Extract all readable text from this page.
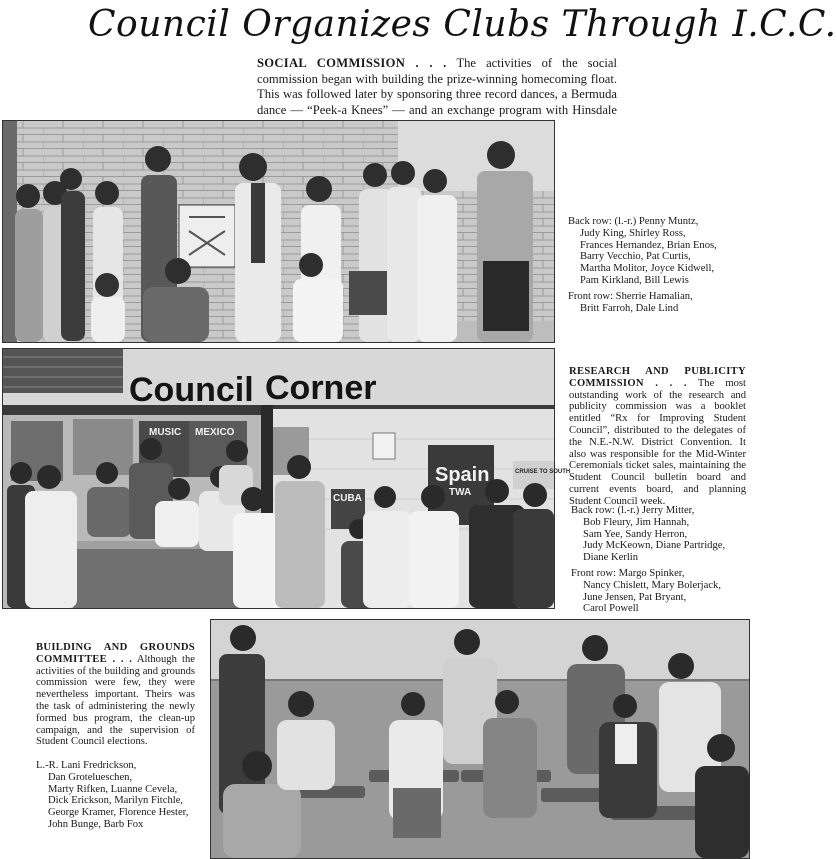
Council Organizes Clubs Through I.C.C.
SOCIAL COMMISSION . . . The activities of the social commission began with building the prize-winning homecoming float. This was followed later by sponsoring three record dances, a Bermuda dance — “Peek-a Knees” — and an exchange program with Hinsdale

Back row: (l.-r.) Penny Muntz,
Judy King, Shirley Ross,
Frances Hernandez, Brian Enos,
Barry Vecchio, Pat Curtis,
Martha Molitor, Joyce Kidwell,
Pam Kirkland, Bill Lewis

Front row: Sherrie Hamalian,
Britt Farroh, Dale Lind

Council Corner
MUSIC MEXICO
Spain
TWA
CUBA
CRUISE TO SOUTH

RESEARCH AND PUBLICITY COMMISSION . . . The most outstanding work of the research and publicity commission was a booklet entitled “Rx for Improving Student Council”, distributed to the delegates of the N.E.-N.W. District Convention. It also was responsible for the Mid-Winter Ceremonials ticket sales, maintaining the Student Council bulletin board and current events board, and planning Student Council week.

Back row: (l.-r.) Jerry Mitter,
Bob Fleury, Jim Hannah,
Sam Yee, Sandy Herron,
Judy McKeown, Diane Partridge,
Diane Kerlin

Front row: Margo Spinker,
Nancy Chislett, Mary Bolerjack,
June Jensen, Pat Bryant,
Carol Powell

BUILDING AND GROUNDS COMMITTEE . . . Although the activities of the building and grounds commission were few, they were nevertheless important. Theirs was the task of administering the newly formed bus program, the clean-up campaign, and the supervision of Student Council elections.

L.-R. Lani Fredrickson,
Dan Grotelueschen,
Marty Rifken, Luanne Cevela,
Dick Erickson, Marilyn Fitchle,
George Kramer, Florence Hester,
John Bunge, Barb Fox
